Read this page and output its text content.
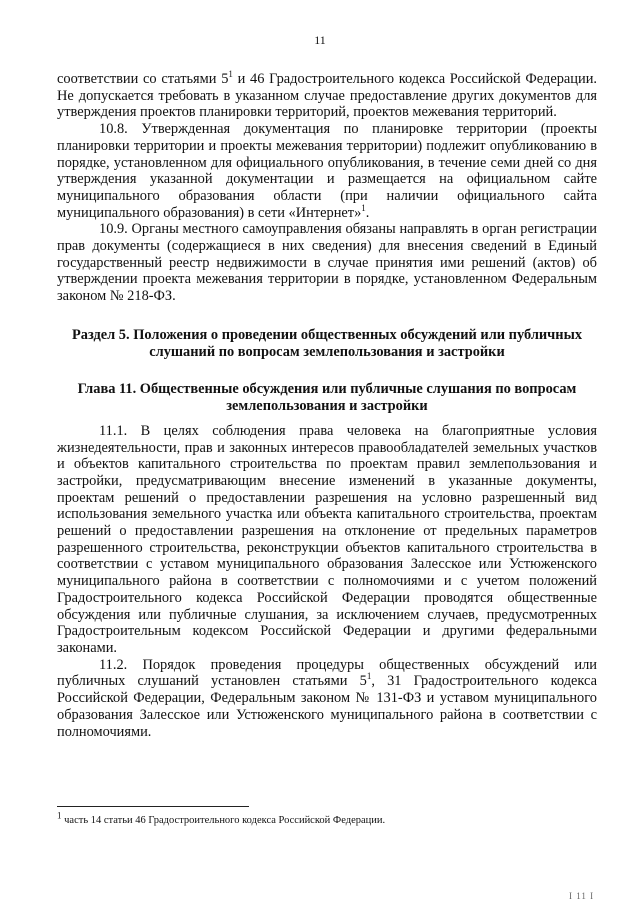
11

соответствии со статьями $5^1$ и 46 Градостроительного кодекса Российской Федерации. Не допускается требовать в указанном случае предоставление других документов для утверждения проектов планировки территорий, проектов межевания территорий.

10.8. Утвержденная документация по планировке территории (проекты планировки территории и проекты межевания территории) подлежит опубликованию в порядке, установленном для официального опубликования, в течение семи дней со дня утверждения указанной документации и размещается на официальном сайте муниципального образования области (при наличии официального сайта муниципального образования) в сети «Интернет»$^1$.

10.9. Органы местного самоуправления обязаны направлять в орган регистрации прав документы (содержащиеся в них сведения) для внесения сведений в Единый государственный реестр недвижимости в случае принятия ими решений (актов) об утверждении проекта межевания территории в порядке, установленном Федеральным законом № 218-ФЗ.

Раздел 5. Положения о проведении общественных обсуждений или публичных слушаний по вопросам землепользования и застройки
Глава 11. Общественные обсуждения или публичные слушания по вопросам землепользования и застройки

11.1. В целях соблюдения права человека на благоприятные условия жизнедеятельности, прав и законных интересов правообладателей земельных участков и объектов капитального строительства по проектам правил землепользования и застройки, предусматривающим внесение изменений в указанные документы, проектам решений о предоставлении разрешения на условно разрешенный вид использования земельного участка или объекта капитального строительства, проектам решений о предоставлении разрешения на отклонение от предельных параметров разрешенного строительства, реконструкции объектов капитального строительства в соответствии с уставом муниципального образования Залесское или Устюженского муниципального района в соответствии с полномочиями и с учетом положений Градостроительного кодекса Российской Федерации проводятся общественные обсуждения или публичные слушания, за исключением случаев, предусмотренных Градостроительным кодексом Российской Федерации и другими федеральными законами.

11.2. Порядок проведения процедуры общественных обсуждений или публичных слушаний установлен статьями $5^1$, 31 Градостроительного кодекса Российской Федерации, Федеральным законом № 131-ФЗ и уставом муниципального образования Залесское или Устюженского муниципального района в соответствии с полномочиями.

$^1$ часть 14 статьи 46 Градостроительного кодекса Российской Федерации.
I 11 I
